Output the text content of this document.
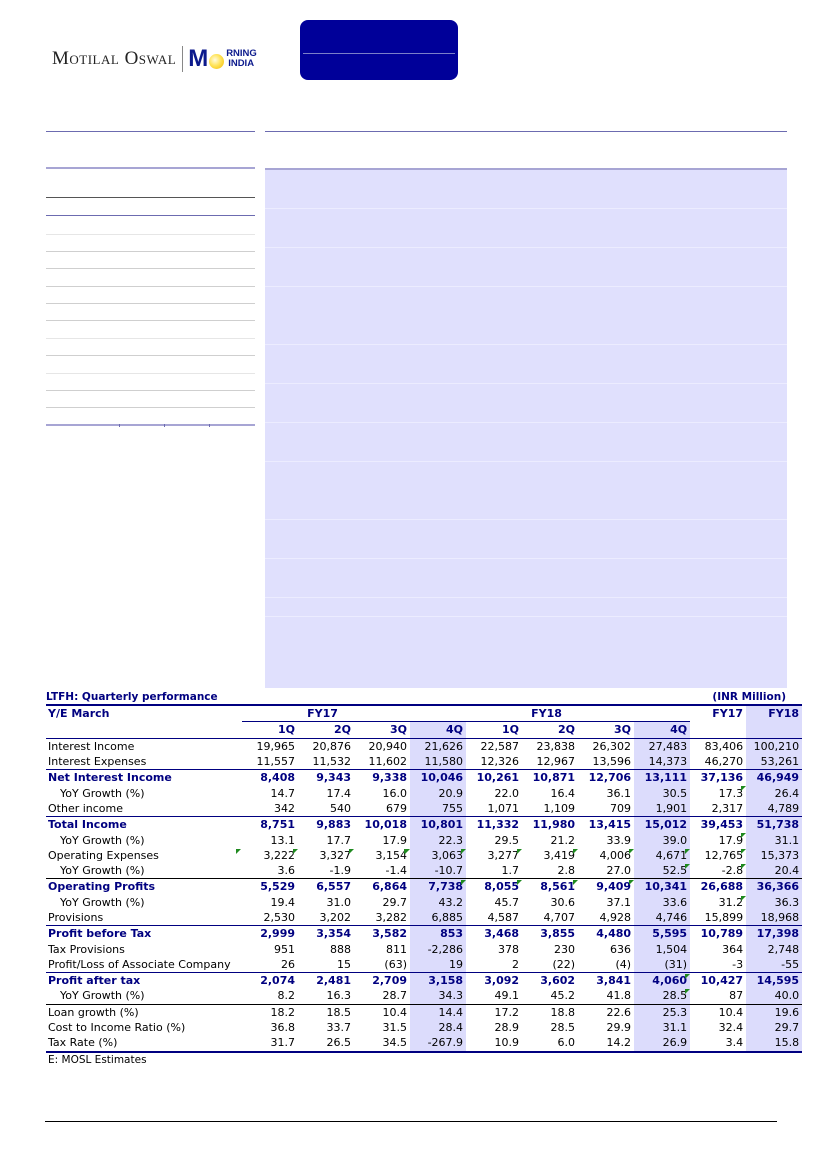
Motilal Oswal M RNING
INDIA
LTFH: Quarterly performance	(INR Million)
Y/E March	FY17				FY18				FY17	FY18
	1Q	2Q	3Q	4Q	1Q	2Q	3Q	4Q		
Interest Income	19,965	20,876	20,940	21,626	22,587	23,838	26,302	27,483	83,406	100,210
Interest Expenses	11,557	11,532	11,602	11,580	12,326	12,967	13,596	14,373	46,270	53,261
Net Interest Income	8,408	9,343	9,338	10,046	10,261	10,871	12,706	13,111	37,136	46,949
YoY Growth (%)	14.7	17.4	16.0	20.9	22.0	16.4	36.1	30.5	17.3	26.4
Other income	342	540	679	755	1,071	1,109	709	1,901	2,317	4,789
Total Income	8,751	9,883	10,018	10,801	11,332	11,980	13,415	15,012	39,453	51,738
YoY Growth (%)	13.1	17.7	17.9	22.3	29.5	21.2	33.9	39.0	17.9	31.1
Operating Expenses	3,222	3,327	3,154	3,063	3,277	3,419	4,006	4,671	12,765	15,373
YoY Growth (%)	3.6	-1.9	-1.4	-10.7	1.7	2.8	27.0	52.5	-2.8	20.4
Operating Profits	5,529	6,557	6,864	7,738	8,055	8,561	9,409	10,341	26,688	36,366
YoY Growth (%)	19.4	31.0	29.7	43.2	45.7	30.6	37.1	33.6	31.2	36.3
Provisions	2,530	3,202	3,282	6,885	4,587	4,707	4,928	4,746	15,899	18,968
Profit before Tax	2,999	3,354	3,582	853	3,468	3,855	4,480	5,595	10,789	17,398
Tax Provisions	951	888	811	-2,286	378	230	636	1,504	364	2,748
Profit/Loss of Associate Company	26	15	(63)	19	2	(22)	(4)	(31)	-3	-55
Profit after tax	2,074	2,481	2,709	3,158	3,092	3,602	3,841	4,060	10,427	14,595
YoY Growth (%)	8.2	16.3	28.7	34.3	49.1	45.2	41.8	28.5	87	40.0
Loan growth (%)	18.2	18.5	10.4	14.4	17.2	18.8	22.6	25.3	10.4	19.6
Cost to Income Ratio (%)	36.8	33.7	31.5	28.4	28.9	28.5	29.9	31.1	32.4	29.7
Tax Rate (%)	31.7	26.5	34.5	-267.9	10.9	6.0	14.2	26.9	3.4	15.8
E: MOSL Estimates
